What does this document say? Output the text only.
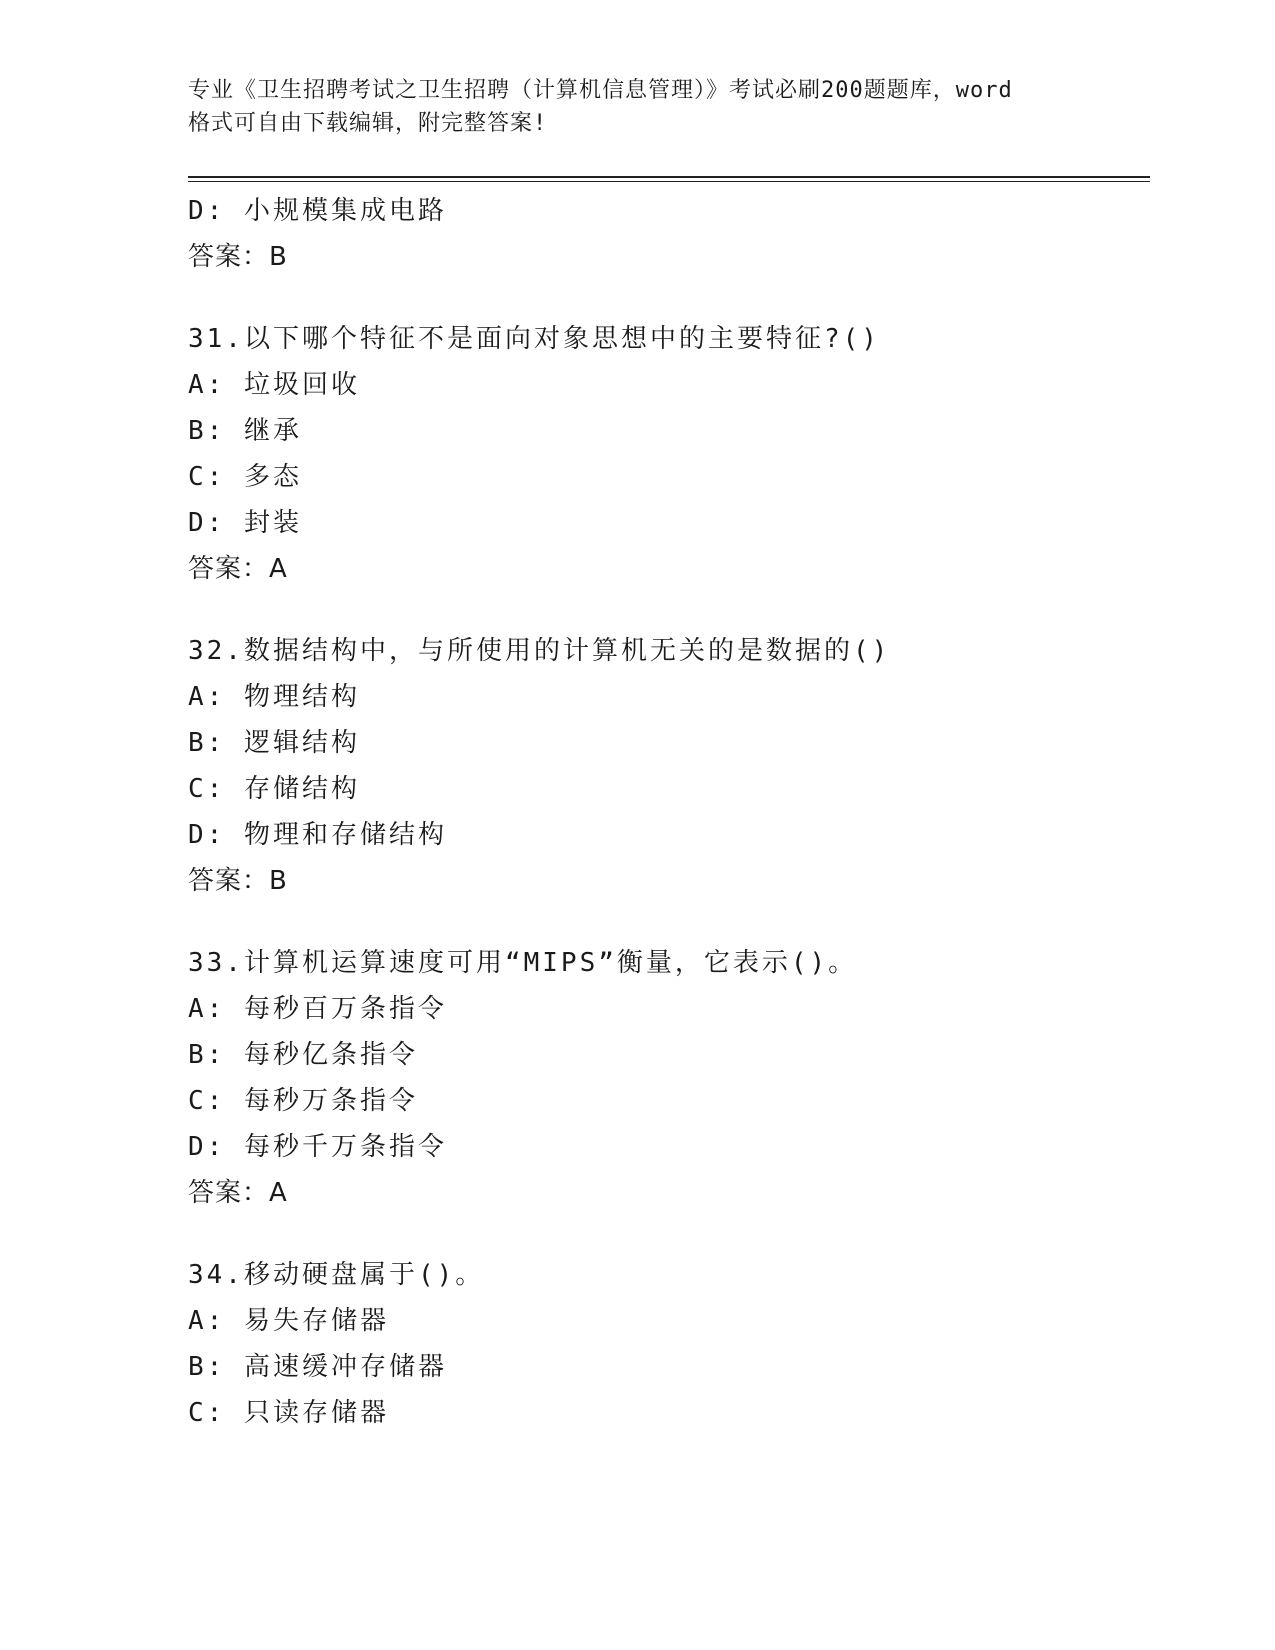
专业《卫生招聘考试之卫生招聘（计算机信息管理）》考试必刷200题题库，word
格式可自由下载编辑，附完整答案!
D: 小规模集成电路
答案：B
31.以下哪个特征不是面向对象思想中的主要特征?()
A: 垃圾回收
B: 继承
C: 多态
D: 封装
答案：A
32.数据结构中，与所使用的计算机无关的是数据的()
A: 物理结构
B: 逻辑结构
C: 存储结构
D: 物理和存储结构
答案：B
33.计算机运算速度可用“MIPS”衡量，它表示()。
A: 每秒百万条指令
B: 每秒亿条指令
C: 每秒万条指令
D: 每秒千万条指令
答案：A
34.移动硬盘属于()。
A: 易失存储器
B: 高速缓冲存储器
C: 只读存储器
